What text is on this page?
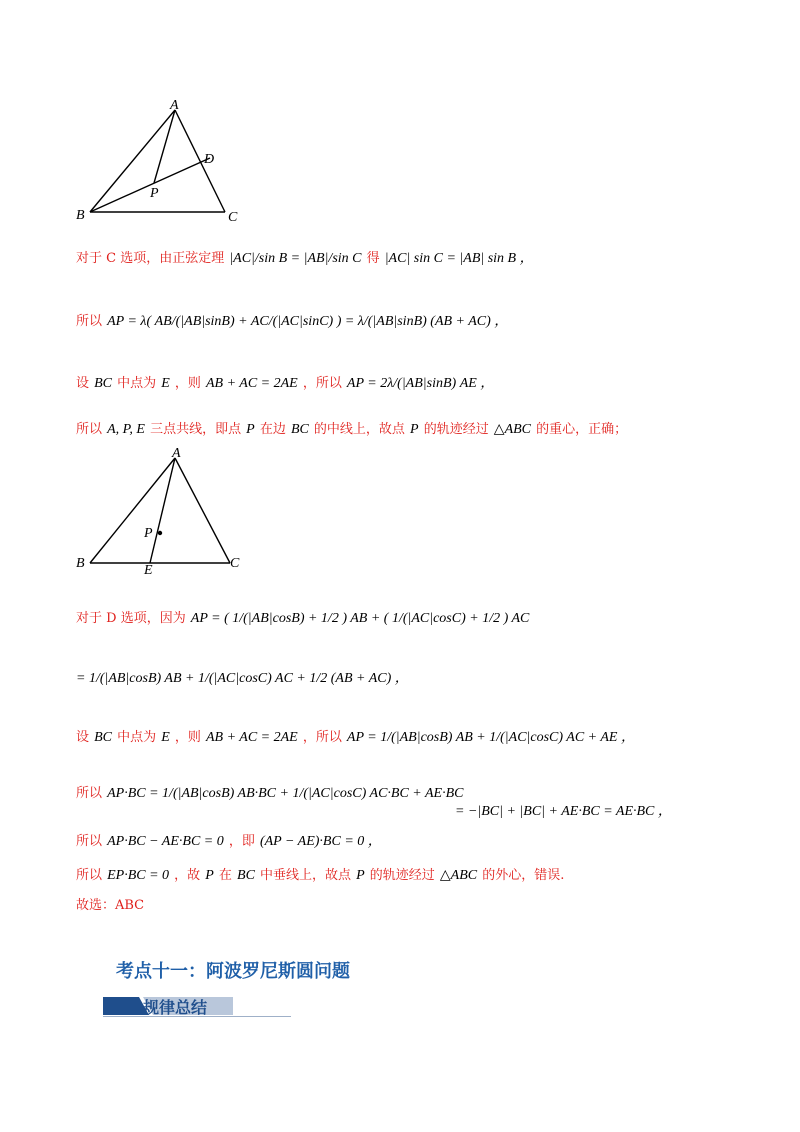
A
B	C
D
P
对于 C 选项，由正弦定理 |AC|/sin B = |AB|/sin C 得 |AC| sin C = |AB| sin B ，
所以 AP = λ( AB/(|AB|sinB) + AC/(|AC|sinC) ) = λ/(|AB|sinB) (AB + AC) ，
设 BC 中点为 E ，则 AB + AC = 2AE ，所以 AP = 2λ/(|AB|sinB) AE ，
所以 A, P, E 三点共线，即点 P 在边 BC 的中线上，故点 P 的轨迹经过 △ABC 的重心，正确；
A
B	C
E
P
对于 D 选项，因为 AP = ( 1/(|AB|cosB) + 1/2 ) AB + ( 1/(|AC|cosC) + 1/2 ) AC
= 1/(|AB|cosB) AB + 1/(|AC|cosC) AC + 1/2 (AB + AC) ，
设 BC 中点为 E ，则 AB + AC = 2AE ，所以 AP = 1/(|AB|cosB) AB + 1/(|AC|cosC) AC + AE ，
所以 AP·BC = 1/(|AB|cosB) AB·BC + 1/(|AC|cosC) AC·BC + AE·BC
= −|BC| + |BC| + AE·BC = AE·BC ，
所以 AP·BC − AE·BC = 0 ，即 (AP − AE)·BC = 0 ，
所以 EP·BC = 0 ，故 P 在 BC 中垂线上，故点 P 的轨迹经过 △ABC 的外心，错误.
故选：ABC
考点十一：阿波罗尼斯圆问题
规律总结
